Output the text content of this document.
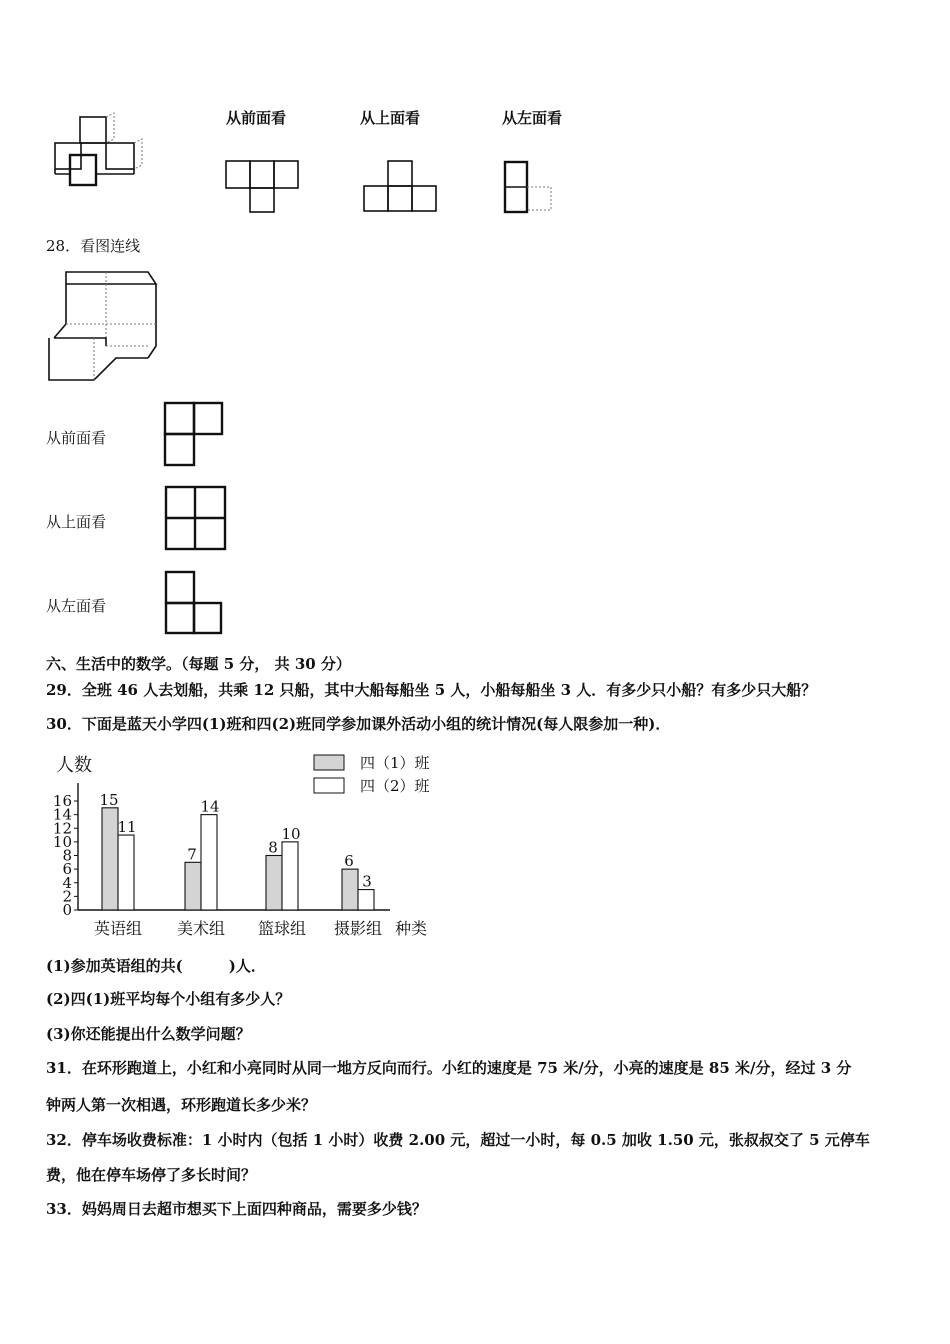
从前面看	从上面看	从左面看
28．看图连线
从前面看
从上面看
从左面看
六、生活中的数学。（每题 5 分， 共 30 分）
29．全班 46 人去划船，共乘 12 只船，其中大船每船坐 5 人，小船每船坐 3 人．有多少只小船？有多少只大船？
30．下面是蓝天小学四(1)班和四(2)班同学参加课外活动小组的统计情况(每人限参加一种)．
人数
0
2
4
6
8
10
12
14
16 15
11
7
14
8
10
6
3
英语组 美术组 篮球组 摄影组 种类
四（1）班
四（2）班
(1)参加英语组的共(	)人．
(2)四(1)班平均每个小组有多少人？
(3)你还能提出什么数学问题？
31．在环形跑道上，小红和小亮同时从同一地方反向而行。小红的速度是 75 米/分，小亮的速度是 85 米/分，经过 3 分
钟两人第一次相遇，环形跑道长多少米？
32．停车场收费标准：1 小时内（包括 1 小时）收费 2.00 元，超过一小时，每 0.5 加收 1.50 元，张叔叔交了 5 元停车
费，他在停车场停了多长时间？
33．妈妈周日去超市想买下上面四种商品，需要多少钱？
